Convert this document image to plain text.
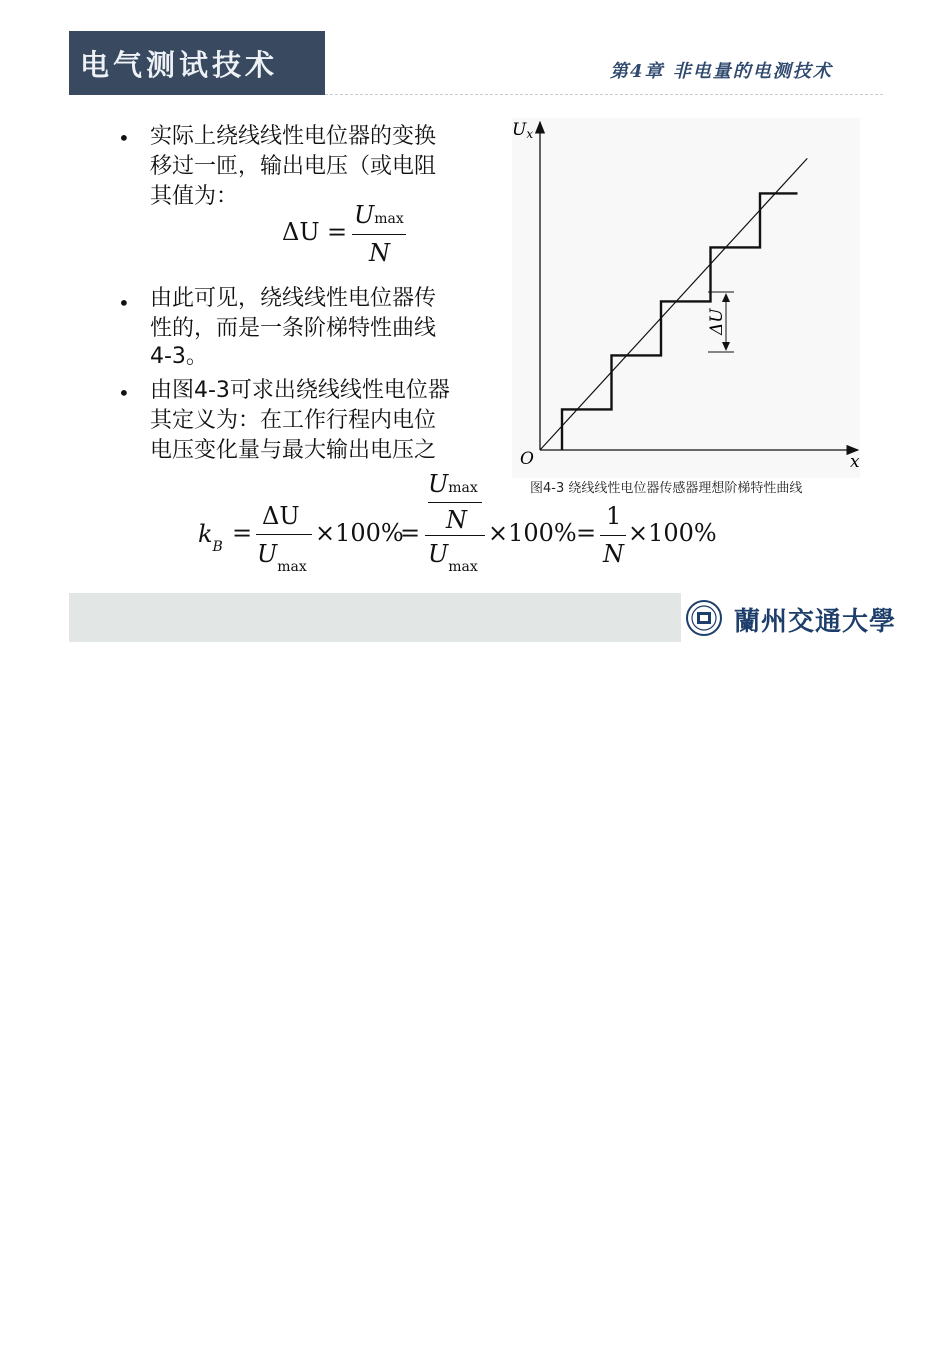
电气测试技术	第4章 非电量的电测技术
• 实际上绕线线性电位器的变换
移过一匝，输出电压（或电阻
其值为：
ΔU =
Umax
N
• 由此可见，绕线线性电位器传
性的，而是一条阶梯特性曲线
4-3。
• 由图4-3可求出绕线线性电位器
其定义为：在工作行程内电位
电压变化量与最大输出电压之
Ux
x
O
ΔU
图4-3 绕线线性电位器传感器理想阶梯特性曲线
$k_B$ =
ΔU
$U_{max}$
×100%
=
Umax
N
$U_{max}$
×100% =
1
N
×100%
蘭州交通大學
